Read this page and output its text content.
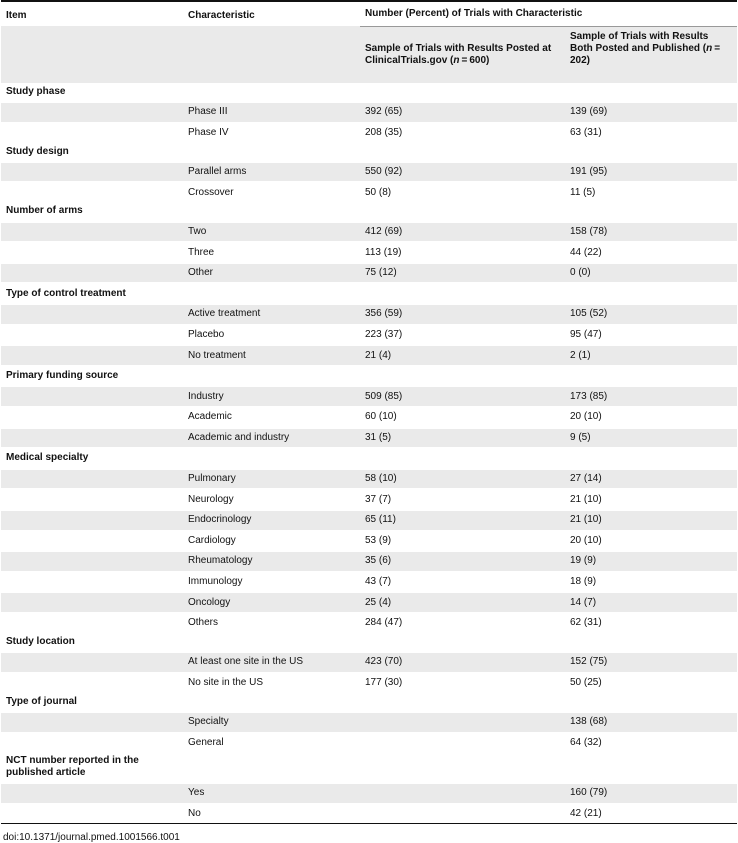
Item	Characteristic	Number (Percent) of Trials with Characteristic	
		Sample of Trials with Results Posted at ClinicalTrials.gov (n = 600)	Sample of Trials with Results Both Posted and Published (n = 202)
Study phase			
	Phase III	392 (65)	139 (69)
	Phase IV	208 (35)	63 (31)
Study design			
	Parallel arms	550 (92)	191 (95)
	Crossover	50 (8)	11 (5)
Number of arms			
	Two	412 (69)	158 (78)
	Three	113 (19)	44 (22)
	Other	75 (12)	0 (0)
Type of control treatment			
	Active treatment	356 (59)	105 (52)
	Placebo	223 (37)	95 (47)
	No treatment	21 (4)	2 (1)
Primary funding source			
	Industry	509 (85)	173 (85)
	Academic	60 (10)	20 (10)
	Academic and industry	31 (5)	9 (5)
Medical specialty			
	Pulmonary	58 (10)	27 (14)
	Neurology	37 (7)	21 (10)
	Endocrinology	65 (11)	21 (10)
	Cardiology	53 (9)	20 (10)
	Rheumatology	35 (6)	19 (9)
	Immunology	43 (7)	18 (9)
	Oncology	25 (4)	14 (7)
	Others	284 (47)	62 (31)
Study location			
	At least one site in the US	423 (70)	152 (75)
	No site in the US	177 (30)	50 (25)
Type of journal			
	Specialty		138 (68)
	General		64 (32)
NCT number reported in the published article			
	Yes		160 (79)
	No		42 (21)
doi:10.1371/journal.pmed.1001566.t001
